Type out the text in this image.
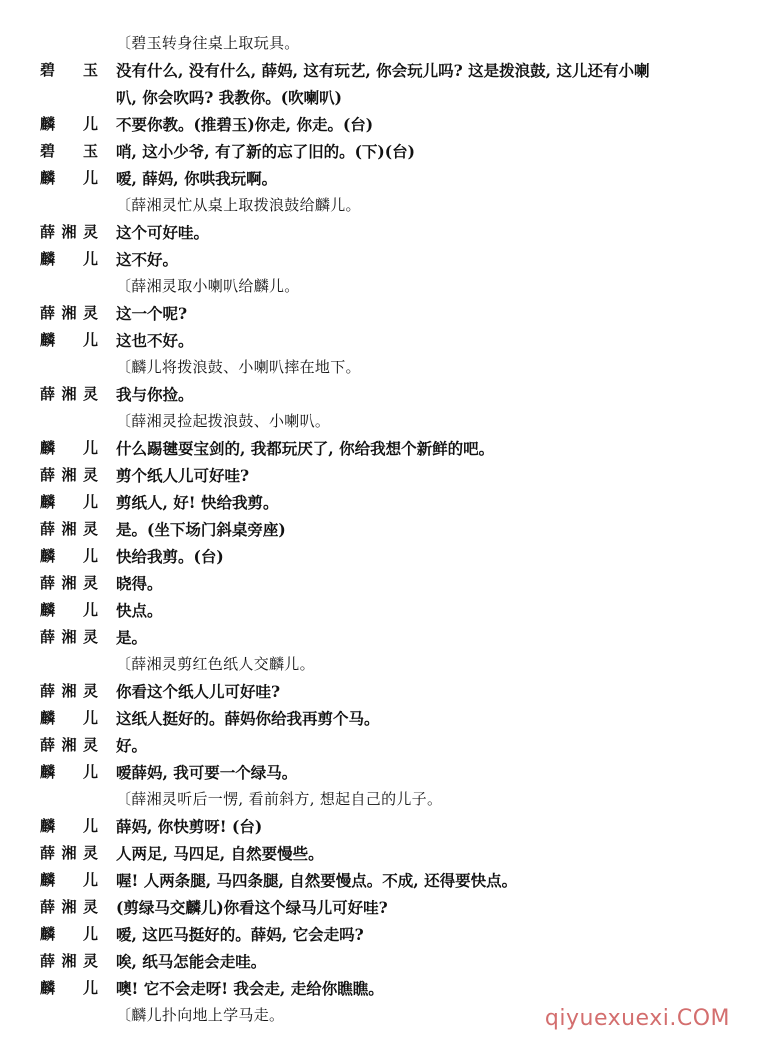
〔碧玉转身往桌上取玩具。
碧 玉 没有什么, 没有什么, 薛妈, 这有玩艺, 你会玩儿吗? 这是拨浪鼓, 这儿还有小喇
叭, 你会吹吗? 我教你。(吹喇叭)
麟 儿 不要你教。(推碧玉)你走, 你走。(台)
碧 玉 哨, 这小少爷, 有了新的忘了旧的。(下)(台)
麟 儿 嗳, 薛妈, 你哄我玩啊。
〔薛湘灵忙从桌上取拨浪鼓给麟儿。
薛湘灵 这个可好哇。
麟 儿 这不好。
〔薛湘灵取小喇叭给麟儿。
薛湘灵 这一个呢?
麟 儿 这也不好。
〔麟儿将拨浪鼓、小喇叭摔在地下。
薛湘灵 我与你捡。
〔薛湘灵捡起拨浪鼓、小喇叭。
麟 儿 什么踢毽耍宝剑的, 我都玩厌了, 你给我想个新鲜的吧。
薛湘灵 剪个纸人儿可好哇?
麟 儿 剪纸人, 好! 快给我剪。
薛湘灵 是。(坐下场门斜桌旁座)
麟 儿 快给我剪。(台)
薛湘灵 晓得。
麟 儿 快点。
薛湘灵 是。
〔薛湘灵剪红色纸人交麟儿。
薛湘灵 你看这个纸人儿可好哇?
麟 儿 这纸人挺好的。薛妈你给我再剪个马。
薛湘灵 好。
麟 儿 嗳薛妈, 我可要一个绿马。
〔薛湘灵听后一愣, 看前斜方, 想起自己的儿子。
麟 儿 薛妈, 你快剪呀! (台)
薛湘灵 人两足, 马四足, 自然要慢些。
麟 儿 喔! 人两条腿, 马四条腿, 自然要慢点。不成, 还得要快点。
薛湘灵 (剪绿马交麟儿)你看这个绿马儿可好哇?
麟 儿 嗳, 这匹马挺好的。薛妈, 它会走吗?
薛湘灵 唉, 纸马怎能会走哇。
麟 儿 噢! 它不会走呀! 我会走, 走给你瞧瞧。
〔麟儿扑向地上学马走。	qiyuexuexi.COM
